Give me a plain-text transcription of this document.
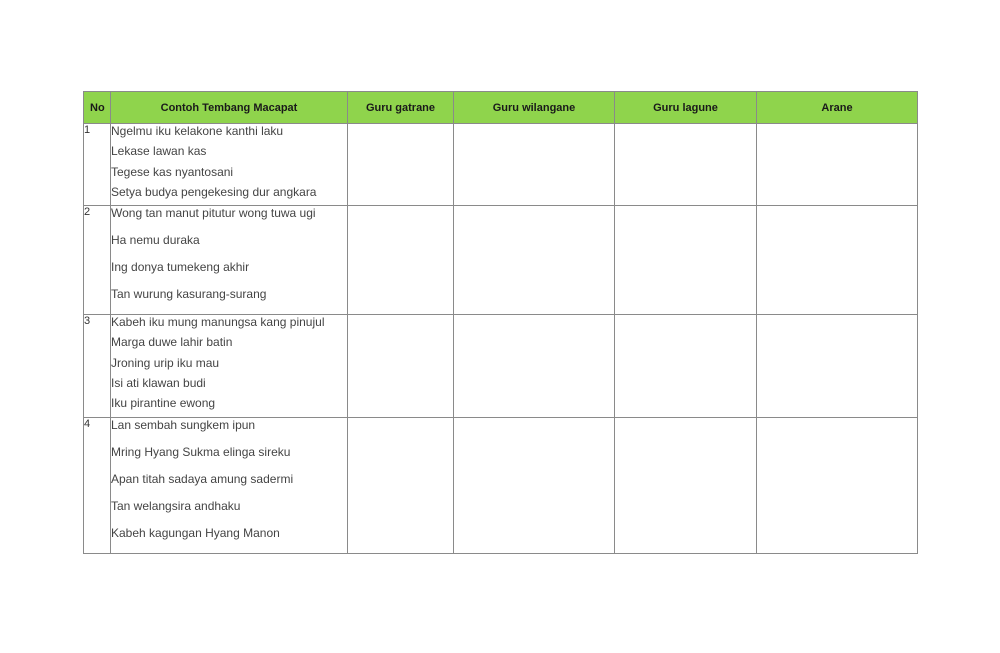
No	Contoh Tembang Macapat	Guru gatrane	Guru wilangane	Guru lagune	Arane
1	Ngelmu iku kelakone kanthi laku
Lekase lawan kas
Tegese kas nyantosani
Setya budya pengekesing dur angkara				

2	Wong tan manut pitutur wong tuwa ugi
Ha nemu duraka
Ing donya tumekeng akhir
Tan wurung kasurang-surang				

3	Kabeh iku mung manungsa kang pinujul
Marga duwe lahir batin
Jroning urip iku mau
Isi ati klawan budi
Iku pirantine ewong				

4	Lan sembah sungkem ipun
Mring Hyang Sukma elinga sireku
Apan titah sadaya amung sadermi
Tan welangsira andhaku
Kabeh kagungan Hyang Manon				
